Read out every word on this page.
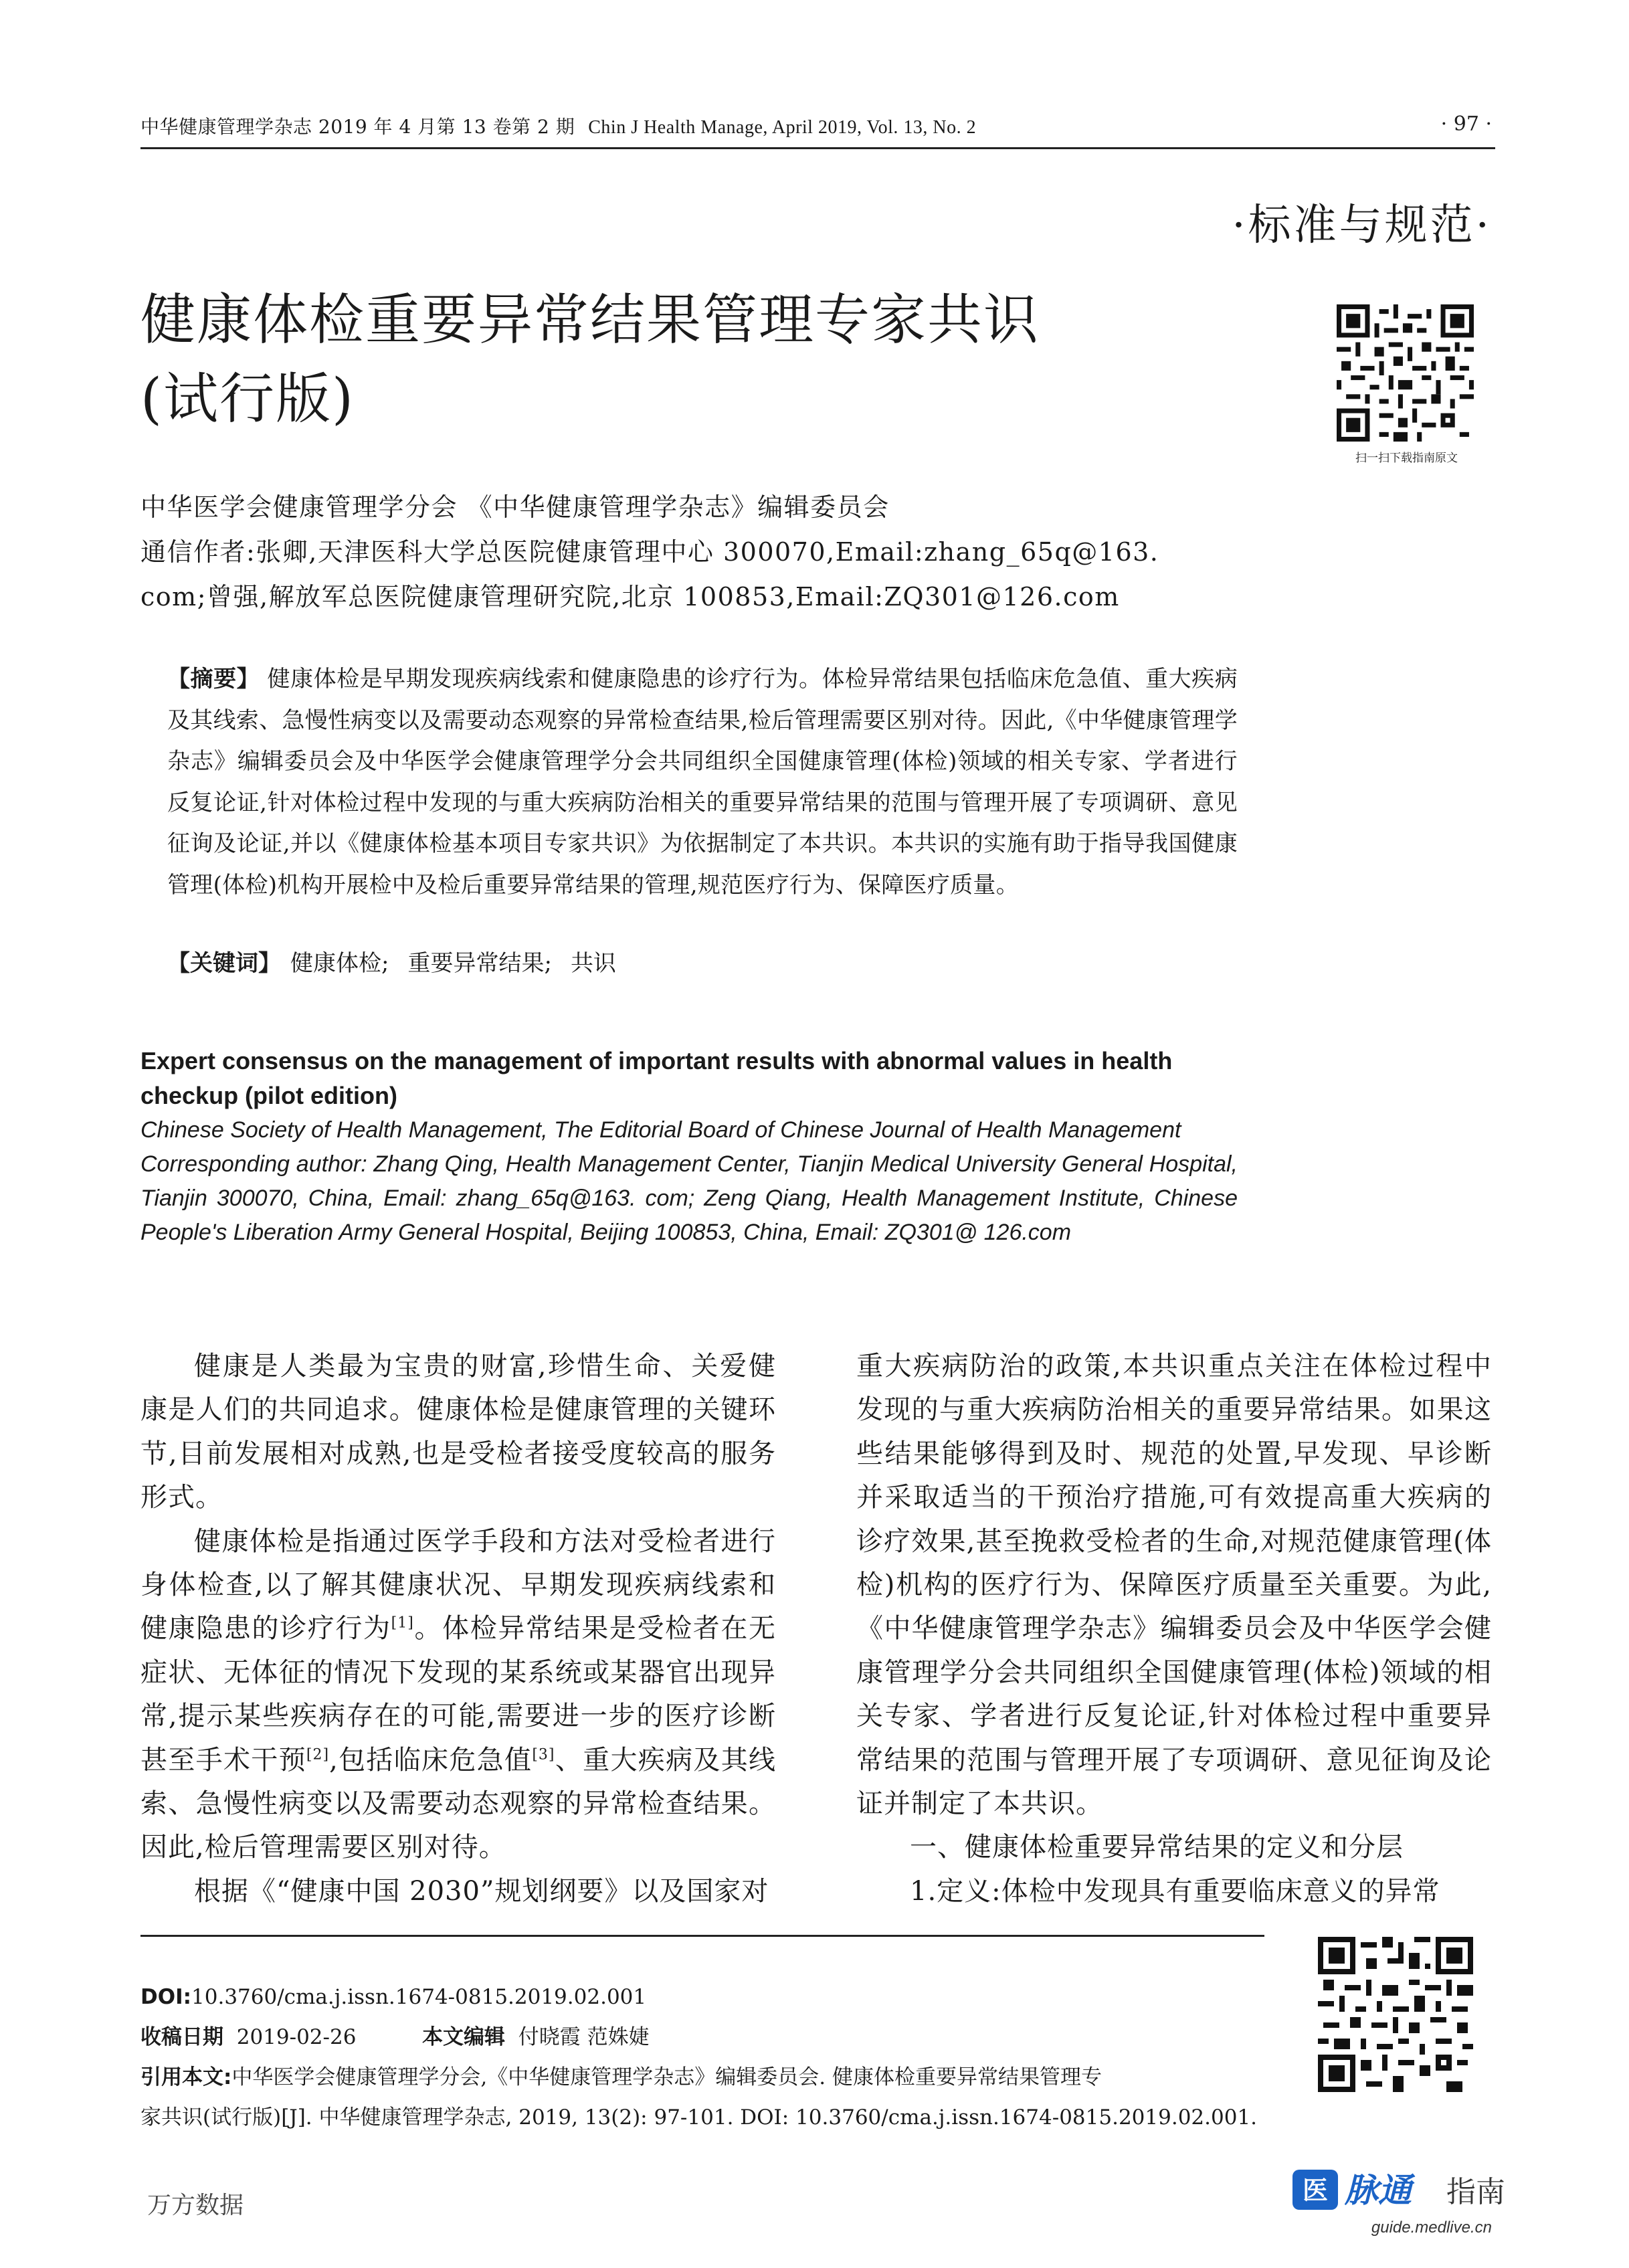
中华健康管理学杂志 2019 年 4 月第 13 卷第 2 期 Chin J Health Manage, April 2019, Vol. 13, No. 2	· 97 ·
·标准与规范·
健康体检重要异常结果管理专家共识
(试行版)
扫一扫下载指南原文
中华医学会健康管理学分会 《中华健康管理学杂志》编辑委员会
通信作者:张卿,天津医科大学总医院健康管理中心 300070,Email:zhang_65q@163.
com;曾强,解放军总医院健康管理研究院,北京 100853,Email:ZQ301@126.com
【摘要】 健康体检是早期发现疾病线索和健康隐患的诊疗行为。体检异常结果包括临床危急值、重大疾病及其线索、急慢性病变以及需要动态观察的异常检查结果,检后管理需要区别对待。因此,《中华健康管理学杂志》编辑委员会及中华医学会健康管理学分会共同组织全国健康管理(体检)领域的相关专家、学者进行反复论证,针对体检过程中发现的与重大疾病防治相关的重要异常结果的范围与管理开展了专项调研、意见征询及论证,并以《健康体检基本项目专家共识》为依据制定了本共识。本共识的实施有助于指导我国健康管理(体检)机构开展检中及检后重要异常结果的管理,规范医疗行为、保障医疗质量。
【关键词】 健康体检; 重要异常结果; 共识
Expert consensus on the management of important results with abnormal values in health checkup (pilot edition)

Chinese Society of Health Management, The Editorial Board of Chinese Journal of Health Management

Corresponding author: Zhang Qing, Health Management Center, Tianjin Medical University General Hospital, Tianjin 300070, China, Email: zhang_65q@163. com; Zeng Qiang, Health Management Institute, Chinese People's Liberation Army General Hospital, Beijing 100853, China, Email: ZQ301@ 126.com

健康是人类最为宝贵的财富,珍惜生命、关爱健康是人们的共同追求。健康体检是健康管理的关键环节,目前发展相对成熟,也是受检者接受度较高的服务形式。

健康体检是指通过医学手段和方法对受检者进行身体检查,以了解其健康状况、早期发现疾病线索和健康隐患的诊疗行为[1]。体检异常结果是受检者在无症状、无体征的情况下发现的某系统或某器官出现异常,提示某些疾病存在的可能,需要进一步的医疗诊断甚至手术干预[2],包括临床危急值[3]、重大疾病及其线索、急慢性病变以及需要动态观察的异常检查结果。因此,检后管理需要区别对待。

根据《“健康中国 2030”规划纲要》以及国家对

重大疾病防治的政策,本共识重点关注在体检过程中发现的与重大疾病防治相关的重要异常结果。如果这些结果能够得到及时、规范的处置,早发现、早诊断并采取适当的干预治疗措施,可有效提高重大疾病的诊疗效果,甚至挽救受检者的生命,对规范健康管理(体检)机构的医疗行为、保障医疗质量至关重要。为此,《中华健康管理学杂志》编辑委员会及中华医学会健康管理学分会共同组织全国健康管理(体检)领域的相关专家、学者进行反复论证,针对体检过程中重要异常结果的范围与管理开展了专项调研、意见征询及论证并制定了本共识。

一、健康体检重要异常结果的定义和分层

1.定义:体检中发现具有重要临床意义的异常

DOI:10.3760/cma.j.issn.1674-0815.2019.02.001
收稿日期 2019-02-26	本文编辑 付晓霞 范姝婕
引用本文:中华医学会健康管理学分会,《中华健康管理学杂志》编辑委员会. 健康体检重要异常结果管理专
家共识(试行版)[J]. 中华健康管理学杂志, 2019, 13(2): 97-101. DOI: 10.3760/cma.j.issn.1674-0815.2019.02.001.
万方数据
医 脉通 指南
guide.medlive.cn
